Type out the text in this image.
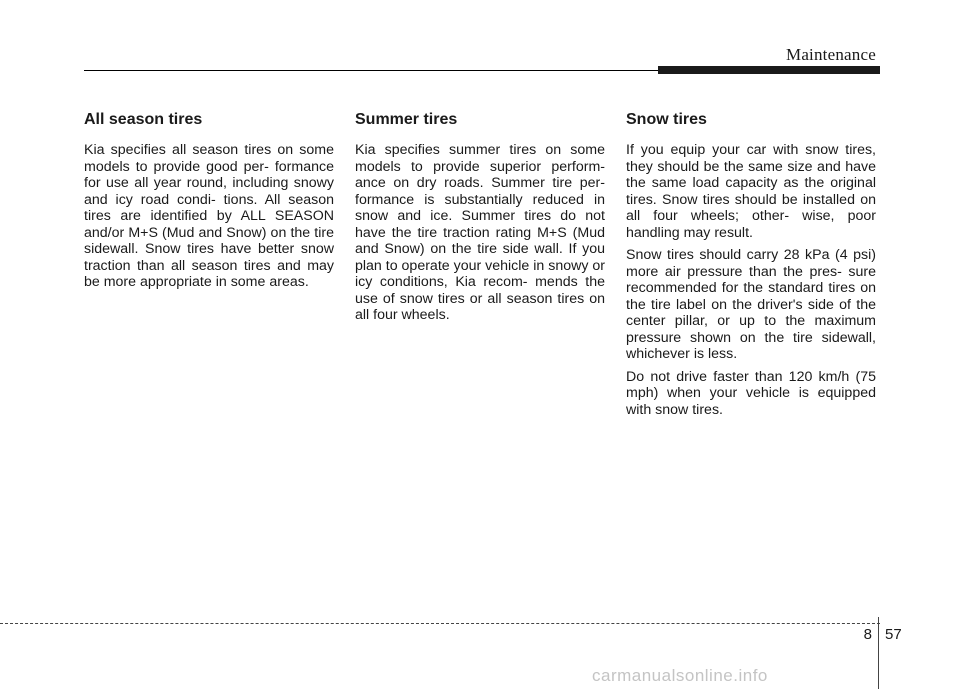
Maintenance
All season tires

Kia specifies all season tires on some models to provide good per- formance for use all year round, including snowy and icy road condi- tions. All season tires are identified by ALL SEASON and/or M+S (Mud and Snow) on the tire sidewall. Snow tires have better snow traction than all season tires and may be more appropriate in some areas.

Summer tires

Kia specifies summer tires on some models to provide superior perform- ance on dry roads. Summer tire per- formance is substantially reduced in snow and ice. Summer tires do not have the tire traction rating M+S (Mud and Snow) on the tire side wall. If you plan to operate your vehicle in snowy or icy conditions, Kia recom- mends the use of snow tires or all season tires on all four wheels.

Snow tires

If you equip your car with snow tires, they should be the same size and have the same load capacity as the original tires. Snow tires should be installed on all four wheels; other- wise, poor handling may result.

Snow tires should carry 28 kPa (4 psi) more air pressure than the pres- sure recommended for the standard tires on the tire label on the driver's side of the center pillar, or up to the maximum pressure shown on the tire sidewall, whichever is less.

Do not drive faster than 120 km/h (75 mph) when your vehicle is equipped with snow tires.

8 57
carmanualsonline.info
